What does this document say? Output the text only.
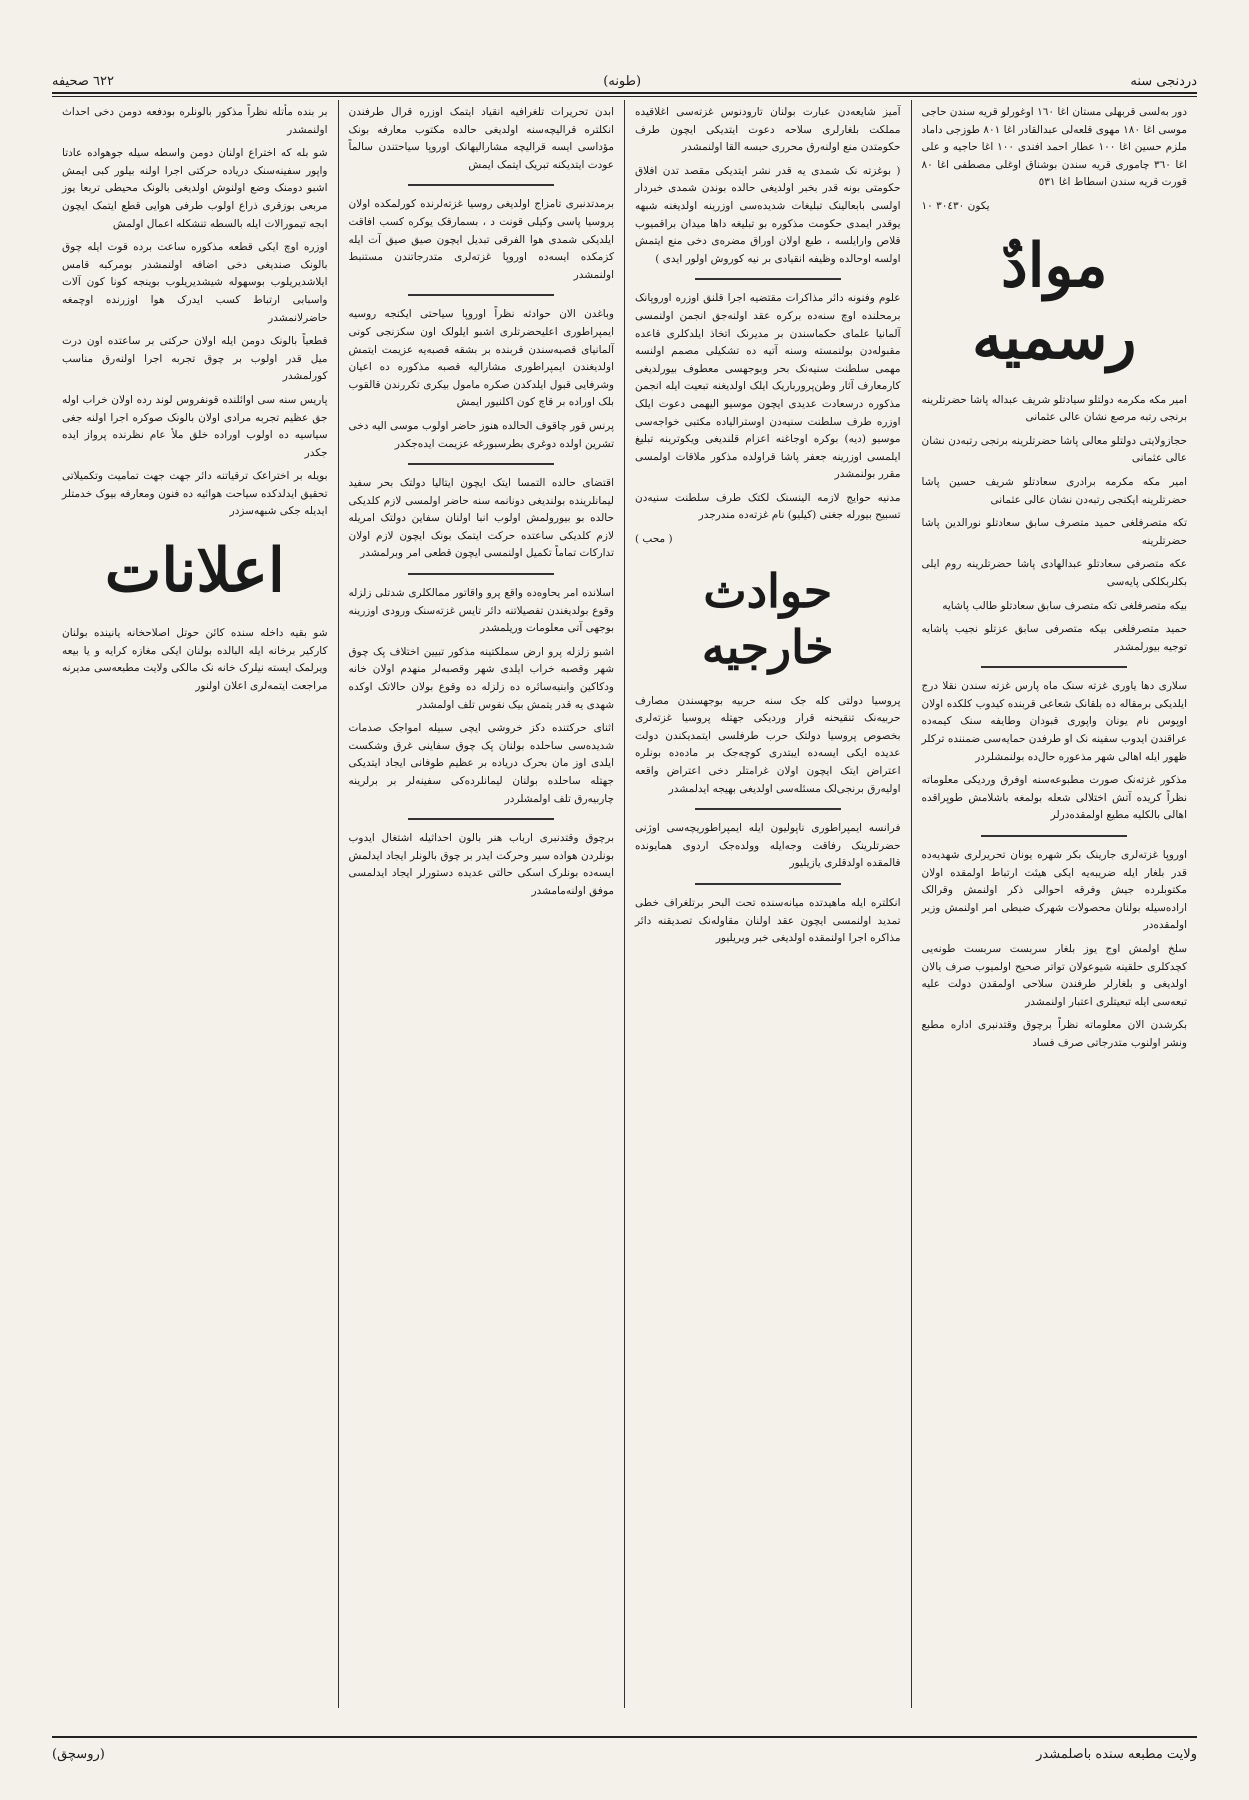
٦٢٢ صحیفه	(طونه)	دردنجی سنه

دور بەلسی قربهلی مستان اغا ١٦٠ اوغورلو قریه سندن حاجی موسی اغا ١٨٠ مهوی قلعه‌لی عبدالقادر اغا ٨٠١ طوزجی داماد ملزم حسین اغا ١٠٠ عطار احمد افندی ١٠٠ اغا حاجیه و علی اغا ٣٦٠ چاموری قریه سندن بوشناق اوغلی مصطفی اغا ٨٠ قورت قریه سندن اسطاط اغا ٥٣١

یکون ٣٠٤٣٠ ١٠

موادٌ رسمیه

امیر مکه مکرمه دولتلو سیادتلو شریف عبداله پاشا حضرتلرینه برنجی رتبه مرصع نشان عالی عثمانی

حجازولایتی دولتلو معالی پاشا حضرتلرینه برنجی رتبه‌دن نشان عالی عثمانی

امیر مکه مکرمه برادری سعادتلو شریف حسین پاشا حضرتلرینه ایکنجی رتبه‌دن نشان عالی عثمانی

تکه متصرفلغی حمید متصرف سابق سعادتلو نورالدین پاشا حضرتلرینه

عکه متصرفی سعادتلو عبدالهادی پاشا حضرتلرینه روم ایلی بکلربکلکی پایه‌سی

بیکه متصرفلغی تکه متصرف سابق سعادتلو طالب پاشایه

حمید متصرفلغی بیکه متصرفی سابق عزتلو نجیب پاشایه توجیه بیورلمشدر

سلاری دها یاوری غزته سنک ماه پارس غزته سندن نقلا درج ایلدیکی برمقاله ده بلقانک شعاعی قربنده کیدوب کلکده اولان اوپوس نام یونان واپوری قبودان وطایفه سنک کیمه‌ده عراقندن ایدوب سفینه نک او طرفدن حمایه‌سی ضمننده ترکلر ظهور ایله اهالی شهر مذعوره حال‌ده بولنمشلردر

مذکور غزته‌نک صورت مطبوعه‌سنه اوفرق وردیکی معلوماته نظراً کریده آتش اختلالی شعله بولمغه باشلامش طوپراقده اهالی بالکلیه مطیع اولمقده‌درلر

اوروپا غزته‌لری جارینک بکر شهره یونان تحریرلری شهدیه‌ده قدر بلغار ایله ضریبه‌یه ایکی هیئت ارتباط اولمقده اولان مکتوبلرده جیش وفرقه احوالی ذکر اولنمش وقرالک اراده‌سیله بولنان محصولات شهرک ضبطی امر اولنمش وزیر اولمقده‌در

سلخ اولمش اوج یوز بلغار سربست سربست طونه‌یی کچدکلری حلقینه شیوعولان تواتر صحیح اولمیوب صرف یالان اولدیغی و بلغارلر طرفندن سلاحی اولمقدن دولت علیه تبعه‌سی ایله تبعیتلری اعتبار اولنمشدر

بکرشدن الان معلوماته نظراً برچوق وقتدنبری اداره مطبع ونشر اولنوب متدرجاتی صرف فساد

آمیز شایعه‌دن عبارت بولنان تارودنوس غزته‌سی اغلاقیده مملکت بلغارلری سلاحه دعوت ایتدیکی ایچون طرف حکومتدن منع اولنه‌رق محرری حبسه القا اولنمشدر

( بوغزته نک شمدی یه قدر نشر ایتدیکی مقصد تدن افلاق حکومتی بونه قدر بخبر اولدیغی حالده بوندن شمدی خبردار اولسی بابعالینک تبلیغات شدیده‌سی اوزرینه اولدیغنه شبهه یوقدر ایمدی حکومت مذکوره بو تبلیغه داها میدان براقمیوب قلاص وارایلسه ، طبع اولان اوراق مضره‌ی دخی منع ایتمش اولسه اوحالده وظیفه انقیادی بر نیه کوروش اولور ایدی )

علوم وفنونه دائر مذاکرات مقتضیه اجرا قلنق اوزره اوروپانک برمحلنده اوچ سنه‌ده برکره عقد اولنه‌جق انجمن اولنمسی آلمانیا علمای حکماسندن بر مدیرنک اتخاذ ایلدکلری قاعده مقبوله‌دن بولنمسته وسنه آتیه ده تشکیلی مصمم اولنسه مهمی سلطنت سنیه‌نک بحر وبوجهسی معطوف بیورلدیغی کارمعارف آثار وطن‌پرورباریک ایلک اولدیغنه تبعیت ایله انجمن مذکوره درسعادت عدیدی ایچون موسیو الیهمی دعوت ایلک اوزره طرف سلطنت سنیه‌دن اوسترالیاده مکتبی خواجه‌سی موسیو (دیه) بوکره اوجاغنه اعزام قلندیغی ویکوترینه تبلیغ ایلمسی اوزرینه جعفر پاشا قراولده مذکور ملاقات اولمسی مقرر بولنمشدر

مدنیه حوایج لازمه الینسنک لکتک طرف سلطنت سنیه‌دن تسبیح بیورله جغنی (کیلیو) نام غزته‌ده مندرجدر

( محب )

حوادث خارجیه

پروسیا دولتی کله جک سنه حربیه بوجهسندن مصارف حربیه‌نک تنقیحنه قرار وردیکی جهتله پروسیا غزته‌لری بخصوص پروسیا دولتک حرب طرفلسی ایتمدیکندن دولت عدیده ایکی ایسه‌ده ایبتدری کوچه‌جک بر ماده‌ده بونلره اعتراض ایتک ایچون اولان غرامتلر دخی اعتراض واقعه اولیه‌رق برنجی‌لک مسئله‌سی اولدیغی بهیجه ایدلمشدر

فرانسه ایمپراطوری ناپولیون ایله ایمپراطوریچه‌سی اوژنی حضرتلرینک رفاقت وجه‌ایله وولده‌جک اردوی همایونده قالمقده اولدقلری یازیلیور

انکلتره ایله ماهیدتده میانه‌سنده تحت البحر برتلغراف خطی تمدید اولنمسی ایچون عقد اولنان مقاوله‌نک تصدیقنه دائر مذاکره اجرا اولنمقده اولدیغی خبر ویریلیور

ابدن تحریرات تلغرافیه انقیاد ایتمک اوزره قرال طرفندن انکلتره قرالیچه‌سنه اولدیغی حالده مکتوب معارفه بونک مؤداسی ایسه قرالیچه مشارالیهانک اوروپا سیاحتندن سالماً عودت ایتدیکنه تبریک ایتمک ایمش

برمدتدنبری تامزاج اولدیغی روسیا غزته‌لرنده کورلمکده اولان پروسیا پاسی وکیلی قونت د ، بسمارقک یوکره کسب افاقت ایلدیکی شمدی هوا الفرقی تبدیل ایچون صیق صیق آت ایله کزمکده ایسه‌ده اوروپا غزته‌لری متدرجاتندن مستنبط اولنمشدر

وباغدن الان حوادثه نظراً اوروپا سیاحتی ایکنجه روسیه ایمپراطوری اعلیحضرتلری اشبو ایلولک اون سکزنجی کونی آلمانیای قصبه‌سندن قربنده بر بشقه قصبه‌یه عزیمت ایتمش اولدیغندن ایمپراطوری مشارالیه قصبه مذکوره ده اعیان وشرفایی قبول ایلدکدن صکره مامول بیکری تکررندن قالقوب بلک اوراده بر قاچ کون اکلنیور‌ ایمش

پرنس قور چاقوف الحالده هنوز حاضر اولوب موسی الیه دخی تشرین اولده دوغری بطرسبورغه عزیمت ایده‌جکدر

اقتضای حالده التمسا ایتک ایچون ایتالیا دولتک بحر سفید لیمانلرینده بولندیغی دونانمه سنه حاضر اولمسی لازم کلدیکی حالده بو بیورولمش اولوب انبا اولنان سفاین دولتک امریله لازم کلدیکی ساعتده حرکت ایتمک بونک ایچون لازم اولان تدارکات تماماً تکمیل اولنمسی ایچون قطعی امر وبرلمشدر

اسلانده امر یحاوه‌ده واقع پرو واقاتور ممالکلری شدتلی زلزله وقوع بولدیغندن تفصیلاتنه دائر تایس غزته‌سنک ورودی اوزرینه بوجهی آتی معلومات وریلمشدر

اشبو زلزله پرو ارض سملکتینه مذکور تبیین اختلاف پک چوق شهر وقصبه خراب ایلدی شهر وقصبه‌لر منهدم اولان خانه ودکاکین وابنیه‌سائره ده زلزله ده وقوع بولان حالاتک اوکده شهدی یه قدر یتمش بیک نفوس تلف اولمشدر

اثنای حرکتنده دکز خروشی ایچی سبیله امواجک صدمات شدیده‌سی ساحلده بولنان پک چوق سفاینی غرق وشکست ایلدی اوز مان بحرک دریاده بر عظیم طوفانی ایجاد ایتدیکی جهتله ساحلده بولنان لیمانلرده‌کی سفینه‌لر بر برلرینه چاربیه‌رق تلف اولمشلردر

برچوق وقتدنبری ارباب هنر بالون احداثیله اشتغال ایدوب بونلردن هواده سیر وحرکت ایدر بر چوق بالونلر ایجاد ایدلمش ایسه‌ده بونلرک اسکی حالتی عدیده دستورلر ایجاد ایدلمسی موفق اولنه‌مامشدر

بر بنده مأتله نظراً مذکور بالونلره بودفعه دومن دخی احداث اولنمشدر

شو بله که اختراع اولنان دومن واسطه سیله جوهواده عادتا واپور سفینه‌سنک دریاده حرکتی اجرا اولنه بیلور کبی ایمش اشبو دومنک وضع اولنوش اولدیغی بالونک محیطی تربعا یوز مربعی بوزقری ذراع اولوب طرفی هوایی قطع ایتمک ایچون ابجه تیمورالات ایله بالسطه تنشکله اعمال اولمش

اوزره اوچ ایکی قطعه مذکوره ساعت برده قوت ایله چوق بالونک صندیغی دخی اضافه اولنمشدر بومرکبه قامس ایلاشدیریلوب بوسهوله شیشدیریلوب بوینجه کونا کون آلات واسبابی ارتباط کسب ایدرک هوا اوزرنده اوچمغه حاضرلانمشدر

قطعیاً بالونک دومن ایله اولان حرکتی بر ساعتده اون درت میل قدر اولوب بر چوق تجربه اجرا اولنه‌رق مناسب کورلمشدر

پاریس سنه سی اوائلنده قونفروس لوند رده اولان خراب اوله جق عظیم تجربه مرادی اولان بالونک صوکره اجرا اولنه جغی سیاسیه ده اولوب اوراده خلق ملأ عام نظرنده پرواز ایده جکدر

بویله بر اختراعک ترقیاتنه دائر جهت جهت تمامیت وتکمیلاتی تحقیق ایدلدکده سیاحت هوائیه ده فنون ومعارفه بیوک خدمتلر ایدیله جکی شبهه‌سزدر

اعلانات

شو بقیه داخله سنده کائن حوتل اصلاحخانه یانینده بولنان کارکیر برخانه ایله البالده بولنان ایکی مغازه کرایه و یا بیعه ویرلمک ایسته نیلرک خانه نک مالکی ولایت مطبعه‌سی مدیرنه مراجعت ایتمه‌لری اعلان اولنور

ولایت مطبعه سنده باصلمشدر
(روسچق)
